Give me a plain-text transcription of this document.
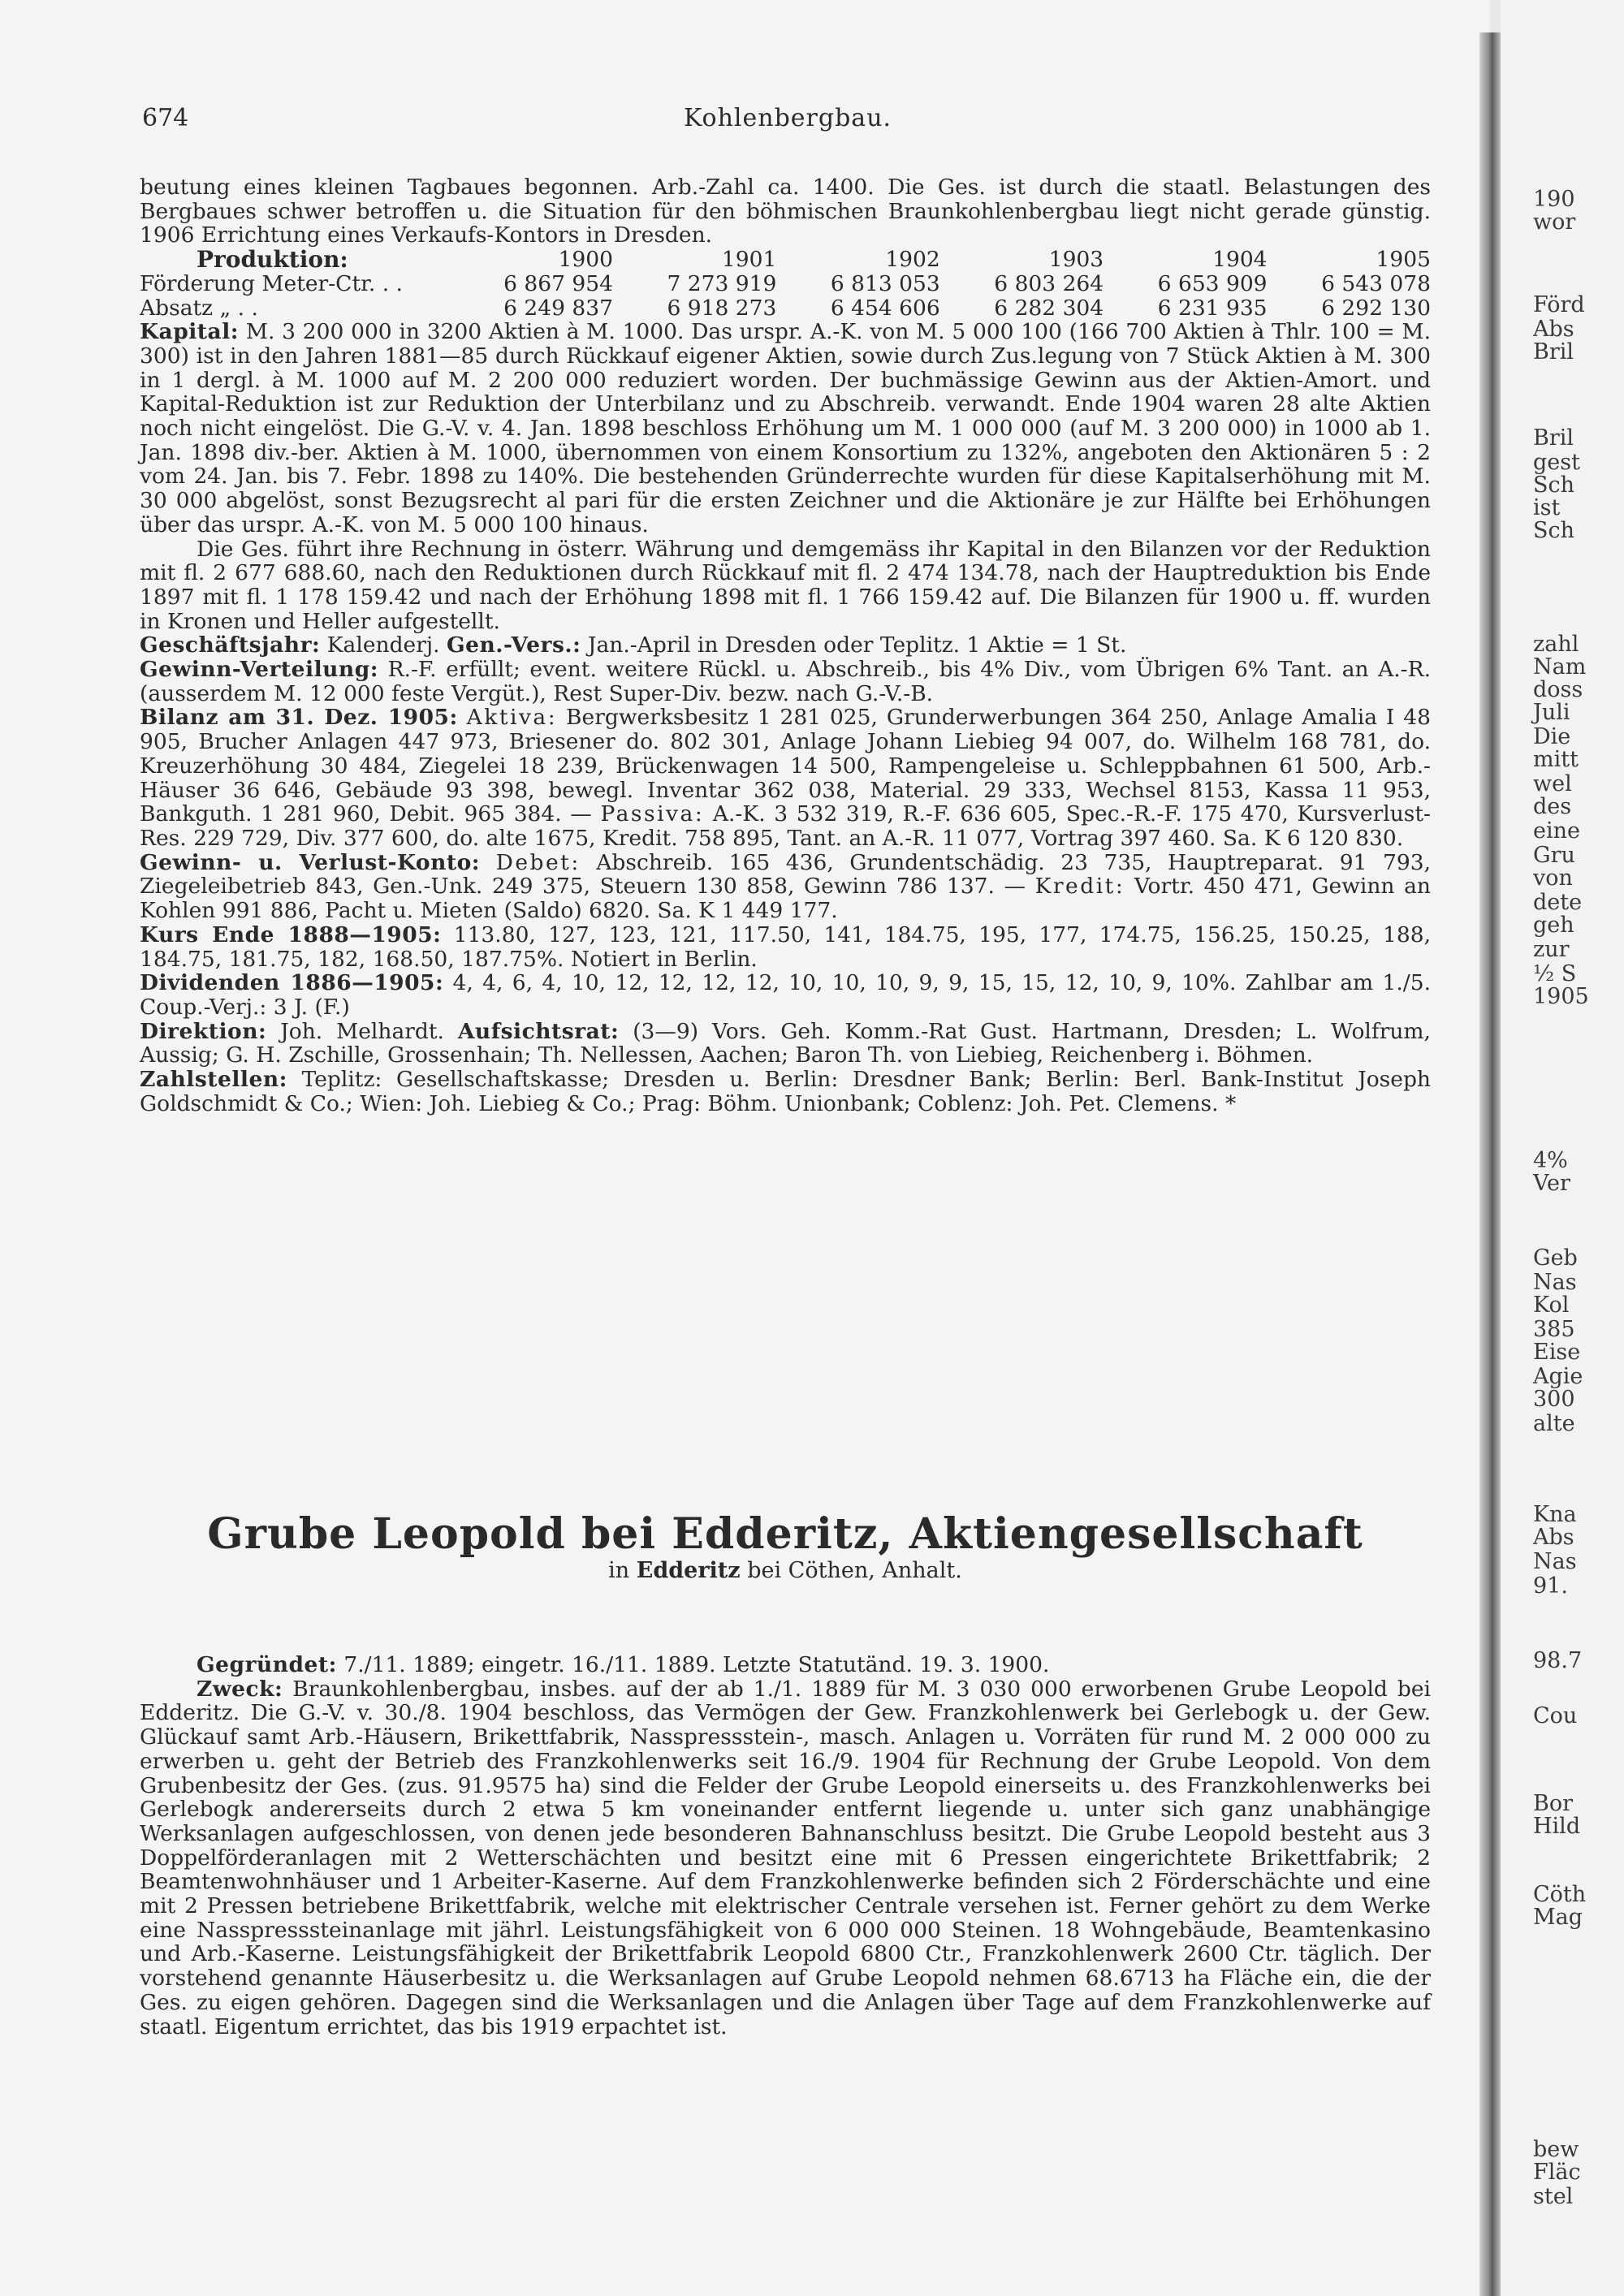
674	Kohlenbergbau.

beutung eines kleinen Tagbaues begonnen. Arb.-Zahl ca. 1400. Die Ges. ist durch die staatl. Belastungen des Bergbaues schwer betroffen u. die Situation für den böhmischen Braunkohlenbergbau liegt nicht gerade günstig. 1906 Errichtung eines Verkaufs-Kontors in Dresden.

Produktion:	1900	1901	1902	1903	1904	1905
Förderung Meter-Ctr. . .	6 867 954	7 273 919	6 813 053	6 803 264	6 653 909	6 543 078
Absatz „ . .	6 249 837	6 918 273	6 454 606	6 282 304	6 231 935	6 292 130

Kapital: M. 3 200 000 in 3200 Aktien à M. 1000. Das urspr. A.-K. von M. 5 000 100 (166 700 Aktien à Thlr. 100 = M. 300) ist in den Jahren 1881—85 durch Rückkauf eigener Aktien, sowie durch Zus.legung von 7 Stück Aktien à M. 300 in 1 dergl. à M. 1000 auf M. 2 200 000 reduziert worden. Der buchmässige Gewinn aus der Aktien-Amort. und Kapital-Reduktion ist zur Reduktion der Unterbilanz und zu Abschreib. verwandt. Ende 1904 waren 28 alte Aktien noch nicht eingelöst. Die G.-V. v. 4. Jan. 1898 beschloss Erhöhung um M. 1 000 000 (auf M. 3 200 000) in 1000 ab 1. Jan. 1898 div.-ber. Aktien à M. 1000, übernommen von einem Konsortium zu 132%, angeboten den Aktionären 5 : 2 vom 24. Jan. bis 7. Febr. 1898 zu 140%. Die bestehenden Gründerrechte wurden für diese Kapitalserhöhung mit M. 30 000 abgelöst, sonst Bezugsrecht al pari für die ersten Zeichner und die Aktionäre je zur Hälfte bei Erhöhungen über das urspr. A.-K. von M. 5 000 100 hinaus.

Die Ges. führt ihre Rechnung in österr. Währung und demgemäss ihr Kapital in den Bilanzen vor der Reduktion mit fl. 2 677 688.60, nach den Reduktionen durch Rückkauf mit fl. 2 474 134.78, nach der Hauptreduktion bis Ende 1897 mit fl. 1 178 159.42 und nach der Erhöhung 1898 mit fl. 1 766 159.42 auf. Die Bilanzen für 1900 u. ff. wurden in Kronen und Heller aufgestellt.

Geschäftsjahr: Kalenderj. Gen.-Vers.: Jan.-April in Dresden oder Teplitz. 1 Aktie = 1 St.

Gewinn-Verteilung: R.-F. erfüllt; event. weitere Rückl. u. Abschreib., bis 4% Div., vom Übrigen 6% Tant. an A.-R. (ausserdem M. 12 000 feste Vergüt.), Rest Super-Div. bezw. nach G.-V.-B.

Bilanz am 31. Dez. 1905: Aktiva: Bergwerksbesitz 1 281 025, Grunderwerbungen 364 250, Anlage Amalia I 48 905, Brucher Anlagen 447 973, Briesener do. 802 301, Anlage Johann Liebieg 94 007, do. Wilhelm 168 781, do. Kreuzerhöhung 30 484, Ziegelei 18 239, Brückenwagen 14 500, Rampengeleise u. Schleppbahnen 61 500, Arb.-Häuser 36 646, Gebäude 93 398, bewegl. Inventar 362 038, Material. 29 333, Wechsel 8153, Kassa 11 953, Bankguth. 1 281 960, Debit. 965 384. — Passiva: A.-K. 3 532 319, R.-F. 636 605, Spec.-R.-F. 175 470, Kursverlust-Res. 229 729, Div. 377 600, do. alte 1675, Kredit. 758 895, Tant. an A.-R. 11 077, Vortrag 397 460. Sa. K 6 120 830.

Gewinn- u. Verlust-Konto: Debet: Abschreib. 165 436, Grundentschädig. 23 735, Hauptreparat. 91 793, Ziegeleibetrieb 843, Gen.-Unk. 249 375, Steuern 130 858, Gewinn 786 137. — Kredit: Vortr. 450 471, Gewinn an Kohlen 991 886, Pacht u. Mieten (Saldo) 6820. Sa. K 1 449 177.

Kurs Ende 1888—1905: 113.80, 127, 123, 121, 117.50, 141, 184.75, 195, 177, 174.75, 156.25, 150.25, 188, 184.75, 181.75, 182, 168.50, 187.75%. Notiert in Berlin.

Dividenden 1886—1905: 4, 4, 6, 4, 10, 12, 12, 12, 12, 10, 10, 10, 9, 9, 15, 15, 12, 10, 9, 10%. Zahlbar am 1./5. Coup.-Verj.: 3 J. (F.)

Direktion: Joh. Melhardt. Aufsichtsrat: (3—9) Vors. Geh. Komm.-Rat Gust. Hartmann, Dresden; L. Wolfrum, Aussig; G. H. Zschille, Grossenhain; Th. Nellessen, Aachen; Baron Th. von Liebieg, Reichenberg i. Böhmen.

Zahlstellen: Teplitz: Gesellschaftskasse; Dresden u. Berlin: Dresdner Bank; Berlin: Berl. Bank-Institut Joseph Goldschmidt & Co.; Wien: Joh. Liebieg & Co.; Prag: Böhm. Unionbank; Coblenz: Joh. Pet. Clemens. *

Grube Leopold bei Edderitz, Aktiengesellschaft
in Edderitz bei Cöthen, Anhalt.

Gegründet: 7./11. 1889; eingetr. 16./11. 1889. Letzte Statutänd. 19. 3. 1900.

Zweck: Braunkohlenbergbau, insbes. auf der ab 1./1. 1889 für M. 3 030 000 erworbenen Grube Leopold bei Edderitz. Die G.-V. v. 30./8. 1904 beschloss, das Vermögen der Gew. Franzkohlenwerk bei Gerlebogk u. der Gew. Glückauf samt Arb.-Häusern, Brikettfabrik, Nasspressstein-, masch. Anlagen u. Vorräten für rund M. 2 000 000 zu erwerben u. geht der Betrieb des Franzkohlenwerks seit 16./9. 1904 für Rechnung der Grube Leopold. Von dem Grubenbesitz der Ges. (zus. 91.9575 ha) sind die Felder der Grube Leopold einerseits u. des Franzkohlenwerks bei Gerlebogk andererseits durch 2 etwa 5 km voneinander entfernt liegende u. unter sich ganz unabhängige Werksanlagen aufgeschlossen, von denen jede besonderen Bahnanschluss besitzt. Die Grube Leopold besteht aus 3 Doppelförderanlagen mit 2 Wetterschächten und besitzt eine mit 6 Pressen eingerichtete Brikettfabrik; 2 Beamtenwohnhäuser und 1 Arbeiter-Kaserne. Auf dem Franzkohlenwerke befinden sich 2 Förderschächte und eine mit 2 Pressen betriebene Brikettfabrik, welche mit elektrischer Centrale versehen ist. Ferner gehört zu dem Werke eine Nasspresssteinanlage mit jährl. Leistungsfähigkeit von 6 000 000 Steinen. 18 Wohngebäude, Beamtenkasino und Arb.-Kaserne. Leistungsfähigkeit der Brikettfabrik Leopold 6800 Ctr., Franzkohlenwerk 2600 Ctr. täglich. Der vorstehend genannte Häuserbesitz u. die Werksanlagen auf Grube Leopold nehmen 68.6713 ha Fläche ein, die der Ges. zu eigen gehören. Dagegen sind die Werksanlagen und die Anlagen über Tage auf dem Franzkohlenwerke auf staatl. Eigentum errichtet, das bis 1919 erpachtet ist.

190
wor
Förd
Abs
Bril
Bril
gest
Sch
ist
Sch
zahl
Nam
doss
Juli
Die
mitt
wel
des
eine
Gru
von
dete
geh
zur
½ S
1905
4%
Ver
Geb
Nas
Kol
385
Eise
Agie
300
alte
Kna
Abs
Nas
91.
98.7
Cou
Bor
Hild
Cöth
Mag
bew
Fläc
stel
